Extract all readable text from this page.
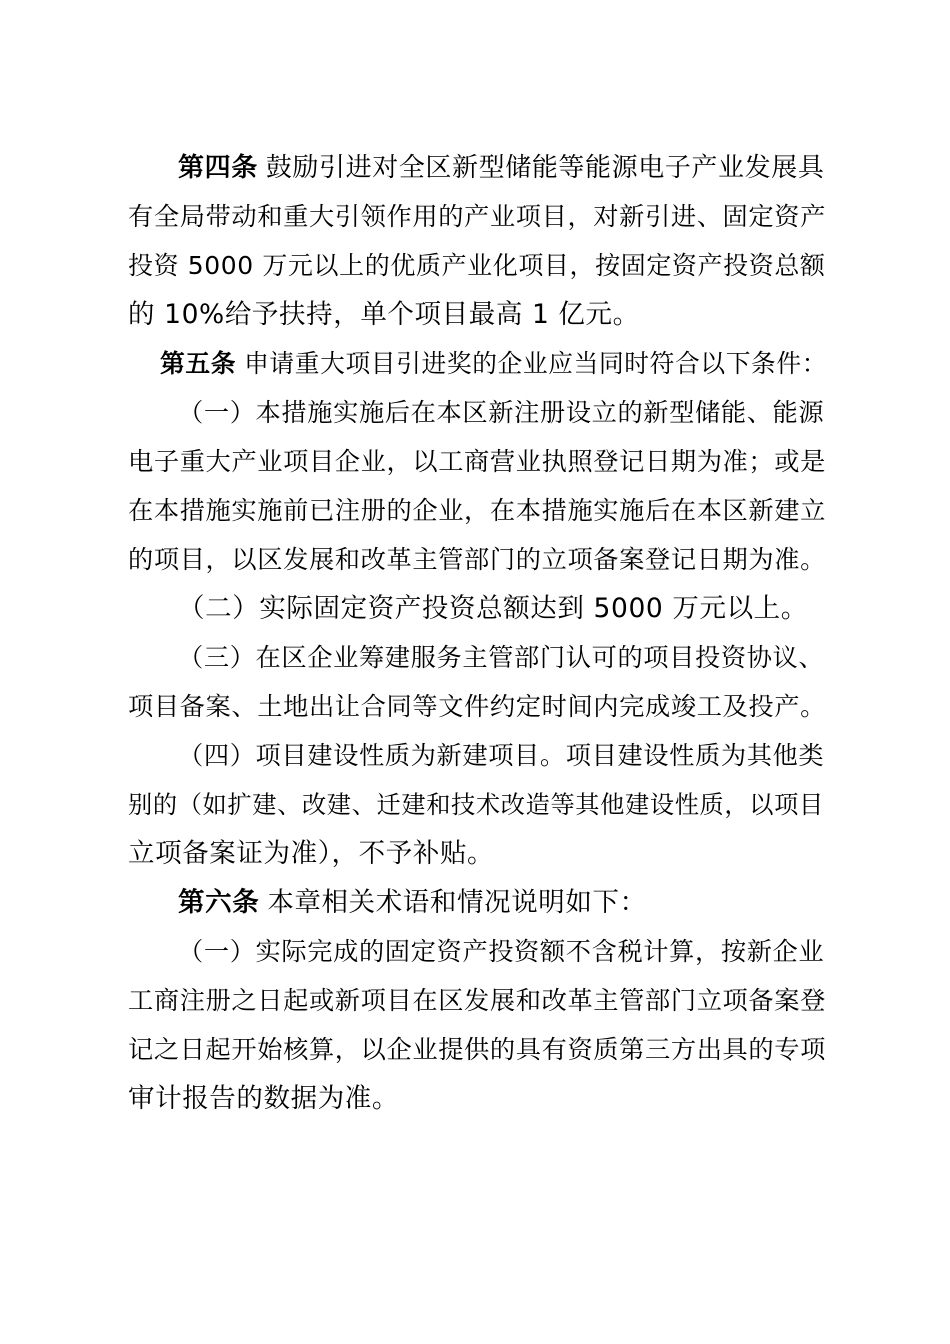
第四条 鼓励引进对全区新型储能等能源电子产业发展具
有全局带动和重大引领作用的产业项目，对新引进、固定资产
投资 5000 万元以上的优质产业化项目，按固定资产投资总额
的 10%给予扶持，单个项目最高 1 亿元。
第五条 申请重大项目引进奖的企业应当同时符合以下条件：
（一）本措施实施后在本区新注册设立的新型储能、能源
电子重大产业项目企业，以工商营业执照登记日期为准；或是
在本措施实施前已注册的企业，在本措施实施后在本区新建立
的项目，以区发展和改革主管部门的立项备案登记日期为准。
（二）实际固定资产投资总额达到 5000 万元以上。
（三）在区企业筹建服务主管部门认可的项目投资协议、
项目备案、土地出让合同等文件约定时间内完成竣工及投产。
（四）项目建设性质为新建项目。项目建设性质为其他类
别的（如扩建、改建、迁建和技术改造等其他建设性质，以项目
立项备案证为准），不予补贴。
第六条 本章相关术语和情况说明如下：
（一）实际完成的固定资产投资额不含税计算，按新企业
工商注册之日起或新项目在区发展和改革主管部门立项备案登
记之日起开始核算，以企业提供的具有资质第三方出具的专项
审计报告的数据为准。
